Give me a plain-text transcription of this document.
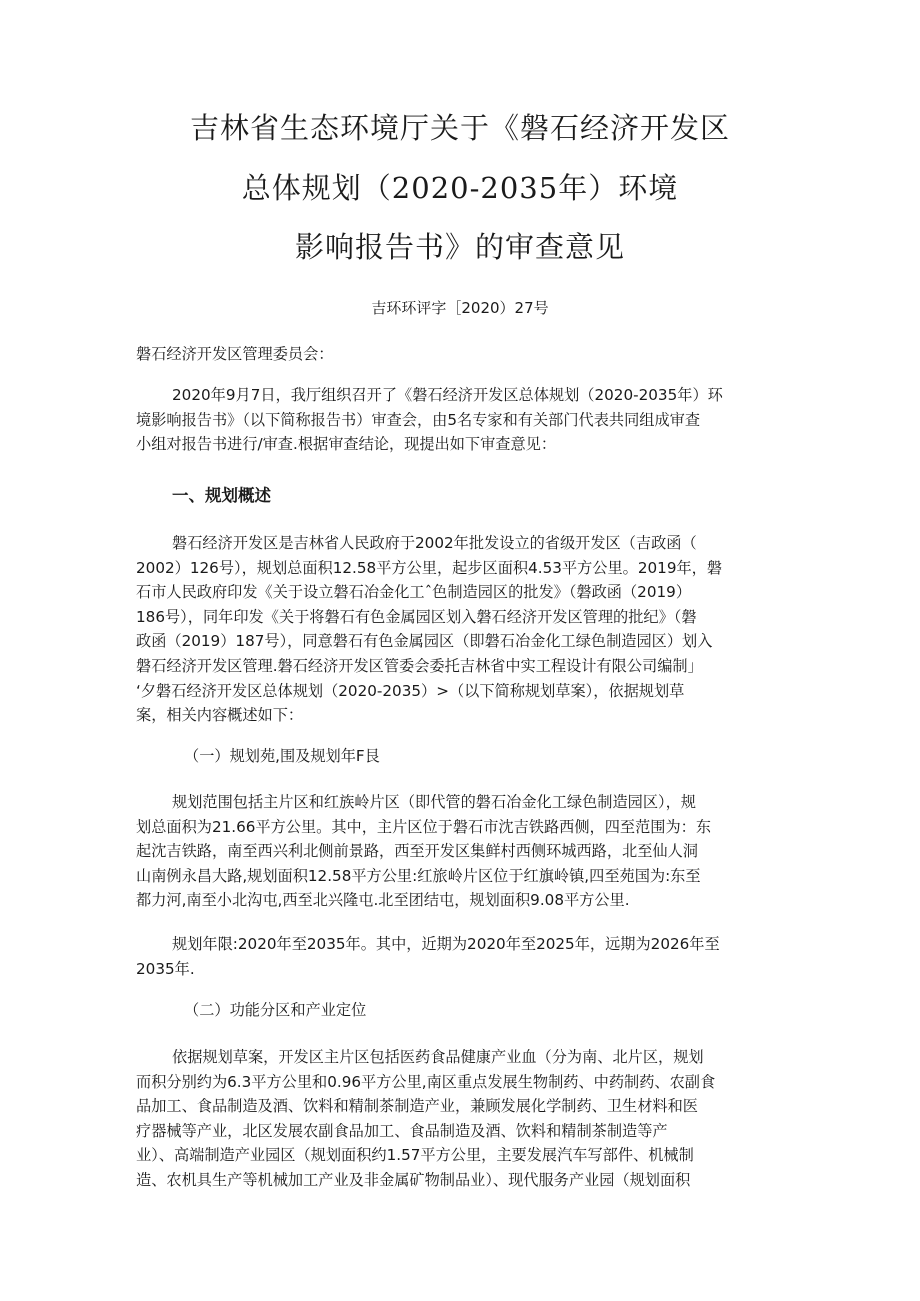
吉林省生态环境厅关于《磐石经济开发区
总体规划（2020-2035年）环境
影响报告书》的审查意见
吉环环评字［2020）27号
磐石经济开发区管理委员会：
2020年9月7日，我厅组织召开了《磐石经济开发区总体规划（2020-2035年）环
境影响报告书》（以下简称报告书）审查会，由5名专家和有关部门代表共同组成审查
小组对报告书进行/审查.根据审查结论，现提出如下审查意见：
一、规划概述
磐石经济开发区是吉林省人民政府于2002年批发设立的省级开发区（吉政函（
2002）126号），规划总面积12.58平方公里，起步区面积4.53平方公里。2019年，磐
石市人民政府印发《关于设立磐石冶金化工ˆ色制造园区的批发》（磐政函（2019）
186号），同年印发《关于将磐石有色金属园区划入磐石经济开发区管理的批纪》（磐
政函（2019）187号），同意磐石有色金属园区（即磐石冶金化工绿色制造园区）划入
磐石经济开发区管理.磐石经济开发区管委会委托吉林省中实工程设计有限公司编制」
‘夕磐石经济开发区总体规划（2020-2035）>（以下简称规划草案），依据规划草
案，相关内容概述如下：
（一）规划苑,围及规划年F艮
规划范围包括主片区和红族岭片区（即代管的磐石冶金化工绿色制造园区），规
划总面积为21.66平方公里。其中，主片区位于磐石市沈吉铁路西侧，四至范围为：东
起沈吉铁路，南至西兴利北侧前景路，西至开发区集鲜村西侧环城西路，北至仙人洞
山南例永昌大路,规划面积12.58平方公里:红旅岭片区位于红旗岭镇,四至苑国为:东至
都力河,南至小北沟屯,西至北兴隆屯.北至团结屯，规划面积9.08平方公里.
规划年限:2020年至2035年。其中，近期为2020年至2025年，远期为2026年至
2035年.
（二）功能分区和产业定位
依据规划草案，开发区主片区包括医药食品健康产业血（分为南、北片区，规划
而积分别约为6.3平方公里和0.96平方公里,南区重点发展生物制药、中药制药、农副食
品加工、食品制造及酒、饮料和精制茶制造产业，兼顾发展化学制药、卫生材料和医
疗器械等产业，北区发展农副食品加工、食品制造及酒、饮料和精制茶制造等产
业）、高端制造产业园区（规划面积约1.57平方公里，主要发展汽车写部件、机械制
造、农机具生产等机械加工产业及非金属矿物制品业）、现代服务产业园（规划面积
